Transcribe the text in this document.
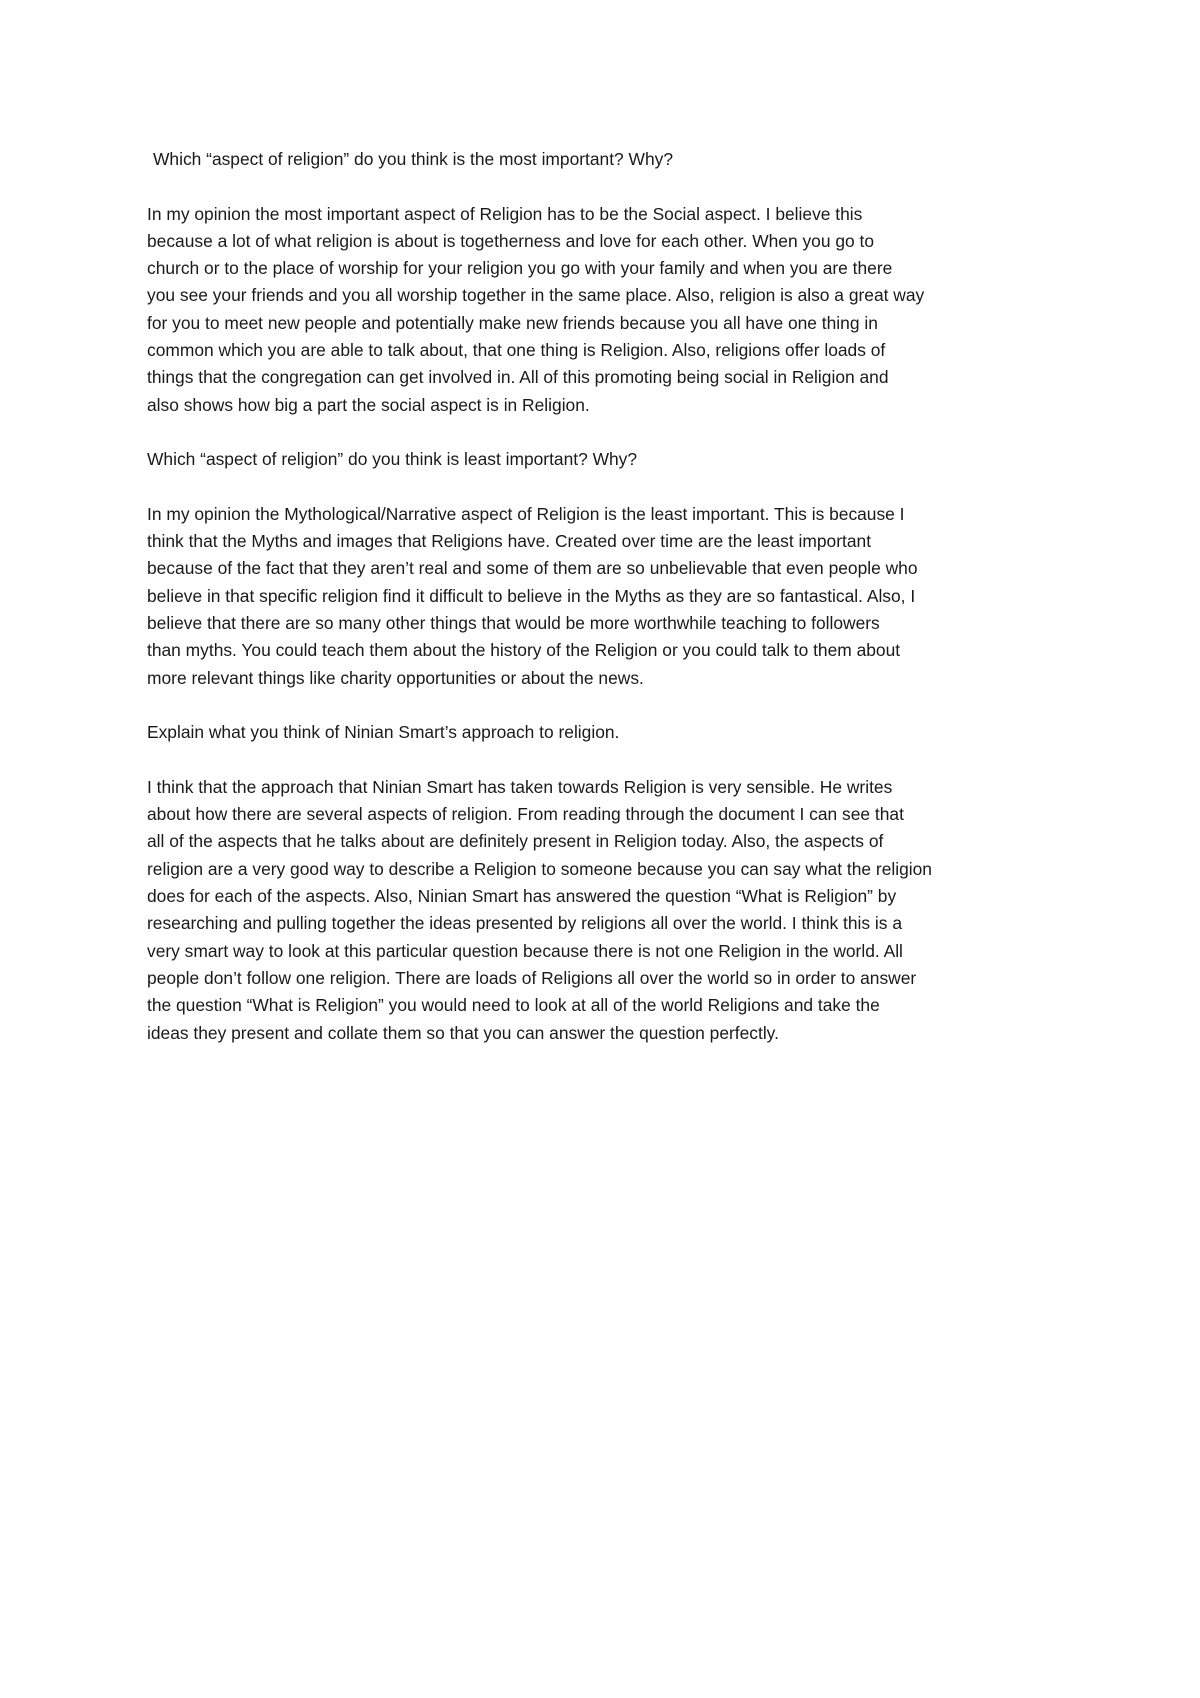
Which “aspect of religion” do you think is the most important? Why?

In my opinion the most important aspect of Religion has to be the Social aspect. I believe this
because a lot of what religion is about is togetherness and love for each other. When you go to
church or to the place of worship for your religion you go with your family and when you are there
you see your friends and you all worship together in the same place. Also, religion is also a great way
for you to meet new people and potentially make new friends because you all have one thing in
common which you are able to talk about, that one thing is Religion. Also, religions offer loads of
things that the congregation can get involved in. All of this promoting being social in Religion and
also shows how big a part the social aspect is in Religion.

Which “aspect of religion” do you think is least important? Why?

In my opinion the Mythological/Narrative aspect of Religion is the least important. This is because I
think that the Myths and images that Religions have. Created over time are the least important
because of the fact that they aren’t real and some of them are so unbelievable that even people who
believe in that specific religion find it difficult to believe in the Myths as they are so fantastical. Also, I
believe that there are so many other things that would be more worthwhile teaching to followers
than myths. You could teach them about the history of the Religion or you could talk to them about
more relevant things like charity opportunities or about the news.

Explain what you think of Ninian Smart’s approach to religion.

I think that the approach that Ninian Smart has taken towards Religion is very sensible. He writes
about how there are several aspects of religion. From reading through the document I can see that
all of the aspects that he talks about are definitely present in Religion today. Also, the aspects of
religion are a very good way to describe a Religion to someone because you can say what the religion
does for each of the aspects. Also, Ninian Smart has answered the question “What is Religion” by
researching and pulling together the ideas presented by religions all over the world. I think this is a
very smart way to look at this particular question because there is not one Religion in the world. All
people don’t follow one religion. There are loads of Religions all over the world so in order to answer
the question “What is Religion” you would need to look at all of the world Religions and take the
ideas they present and collate them so that you can answer the question perfectly.
